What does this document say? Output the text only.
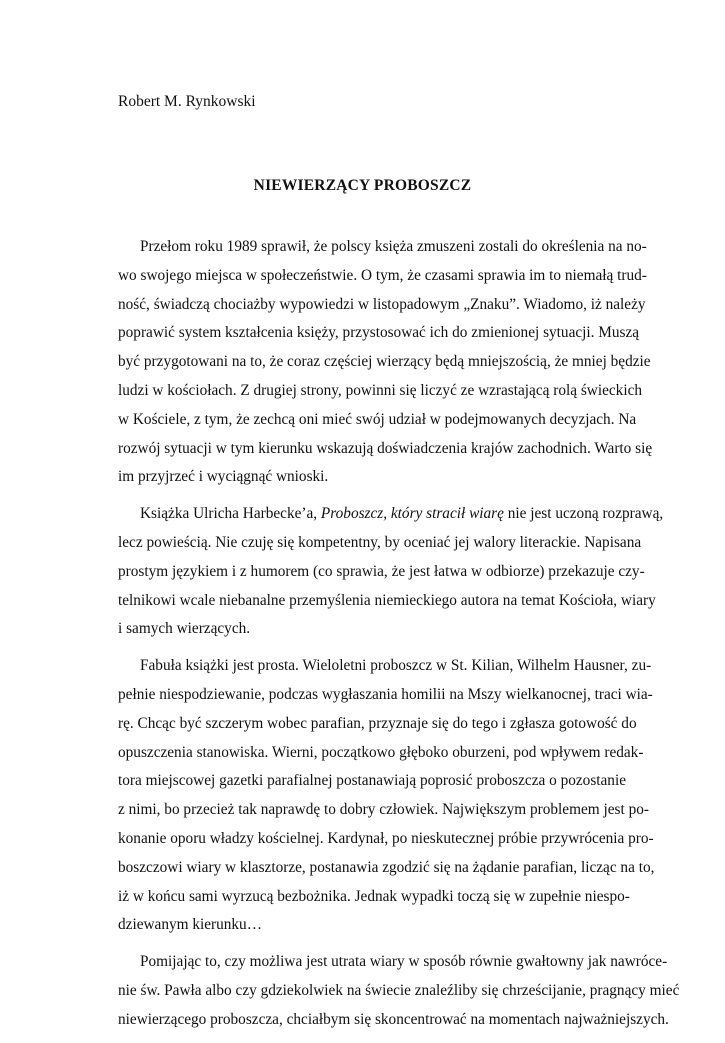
Robert M. Rynkowski
NIEWIERZĄCY PROBOSZCZ
Przełom roku 1989 sprawił, że polscy księża zmuszeni zostali do określenia na no-
wo swojego miejsca w społeczeństwie. O tym, że czasami sprawia im to niemałą trud-
ność, świadczą chociażby wypowiedzi w listopadowym „Znaku”. Wiadomo, iż należy
poprawić system kształcenia księży, przystosować ich do zmienionej sytuacji. Muszą
być przygotowani na to, że coraz częściej wierzący będą mniejszością, że mniej będzie
ludzi w kościołach. Z drugiej strony, powinni się liczyć ze wzrastającą rolą świeckich
w Kościele, z tym, że zechcą oni mieć swój udział w podejmowanych decyzjach. Na
rozwój sytuacji w tym kierunku wskazują doświadczenia krajów zachodnich. Warto się
im przyjrzeć i wyciągnąć wnioski.
Książka Ulricha Harbecke’a, Proboszcz, który stracił wiarę nie jest uczoną rozprawą,
lecz powieścią. Nie czuję się kompetentny, by oceniać jej walory literackie. Napisana
prostym językiem i z humorem (co sprawia, że jest łatwa w odbiorze) przekazuje czy-
telnikowi wcale niebanalne przemyślenia niemieckiego autora na temat Kościoła, wiary
i samych wierzących.
Fabuła książki jest prosta. Wieloletni proboszcz w St. Kilian, Wilhelm Hausner, zu-
pełnie niespodziewanie, podczas wygłaszania homilii na Mszy wielkanocnej, traci wia-
rę. Chcąc być szczerym wobec parafian, przyznaje się do tego i zgłasza gotowość do
opuszczenia stanowiska. Wierni, początkowo głęboko oburzeni, pod wpływem redak-
tora miejscowej gazetki parafialnej postanawiają poprosić proboszcza o pozostanie
z nimi, bo przecież tak naprawdę to dobry człowiek. Największym problemem jest po-
konanie oporu władzy kościelnej. Kardynał, po nieskutecznej próbie przywrócenia pro-
boszczowi wiary w klasztorze, postanawia zgodzić się na żądanie parafian, licząc na to,
iż w końcu sami wyrzucą bezbożnika. Jednak wypadki toczą się w zupełnie niespo-
dziewanym kierunku…
Pomijając to, czy możliwa jest utrata wiary w sposób równie gwałtowny jak nawróce-
nie św. Pawła albo czy gdziekolwiek na świecie znaleźliby się chrześcijanie, pragnący mieć
niewierzącego proboszcza, chciałbym się skoncentrować na momentach najważniejszych.
